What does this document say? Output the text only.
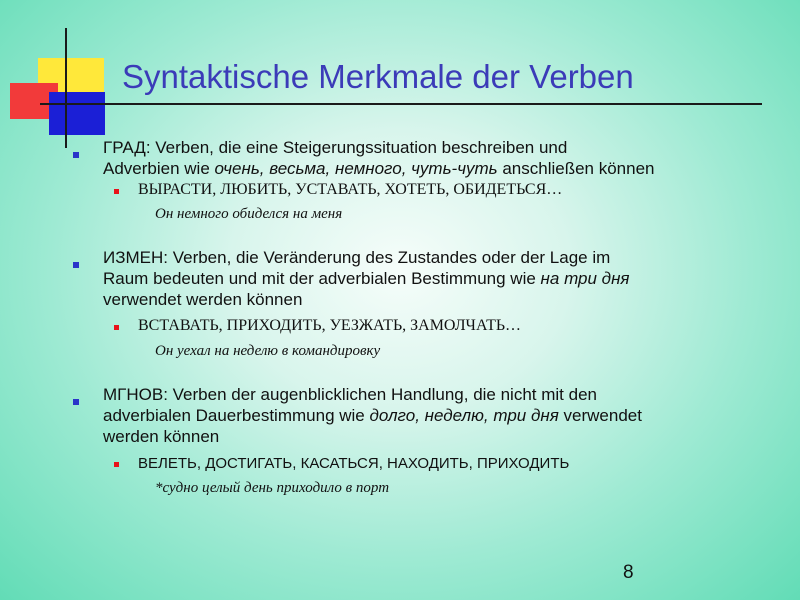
Syntaktische Merkmale der Verben
ГРАД: Verben, die eine Steigerungssituation beschreiben und
Adverbien wie очень, весьма, немного, чуть-чуть anschließen können
ВЫРАСТИ, ЛЮБИТЬ, УСТАВАТЬ, ХОТЕТЬ, ОБИДЕТЬСЯ…
Он немного обиделся на меня
ИЗМЕН: Verben, die Veränderung des Zustandes oder der Lage im
Raum bedeuten und mit der adverbialen Bestimmung wie на три дня
verwendet werden können
ВСТАВАТЬ, ПРИХОДИТЬ, УЕЗЖАТЬ, ЗАМОЛЧАТЬ…
Он уехал на неделю в командировку
МГНОВ: Verben der augenblicklichen Handlung, die nicht mit den
adverbialen Dauerbestimmung wie долго, неделю, три дня verwendet
werden können
ВЕЛЕТЬ, ДОСТИГАТЬ, КАСАТЬСЯ, НАХОДИТЬ, ПРИХОДИТЬ
*судно целый день приходило в порт
8
